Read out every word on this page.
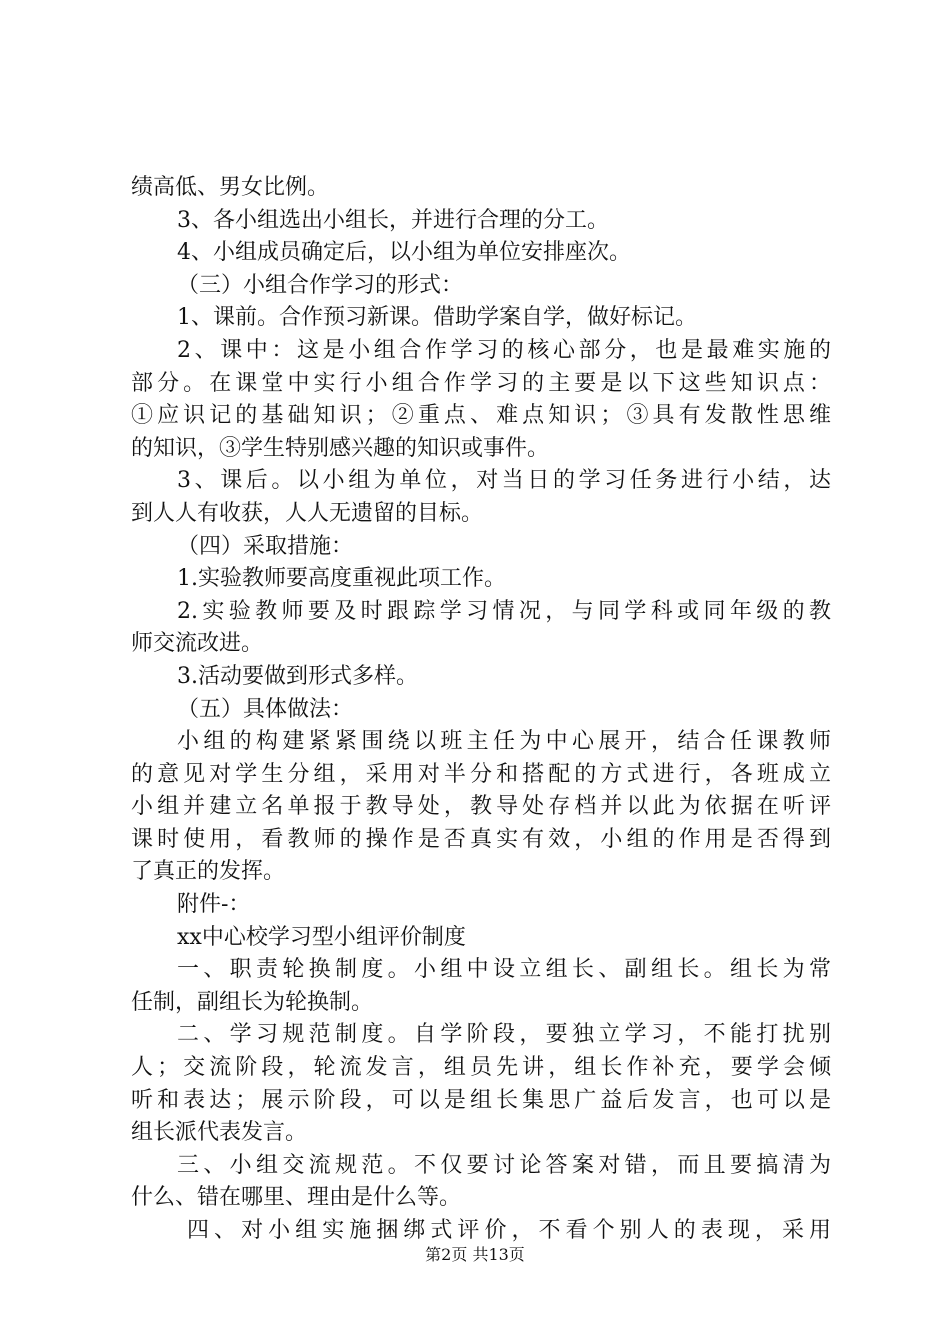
绩高低、男女比例。
3、各小组选出小组长，并进行合理的分工。
4、小组成员确定后，以小组为单位安排座次。
（三）小组合作学习的形式：
1、课前。合作预习新课。借助学案自学，做好标记。
2、课中：这是小组合作学习的核心部分，也是最难实施的
部分。在课堂中实行小组合作学习的主要是以下这些知识点：
①应识记的基础知识；②重点、难点知识；③具有发散性思维
的知识，③学生特别感兴趣的知识或事件。
3、课后。以小组为单位，对当日的学习任务进行小结，达
到人人有收获，人人无遗留的目标。
（四）采取措施：
1.实验教师要高度重视此项工作。
2.实验教师要及时跟踪学习情况，与同学科或同年级的教
师交流改进。
3.活动要做到形式多样。
（五）具体做法：
小组的构建紧紧围绕以班主任为中心展开，结合任课教师
的意见对学生分组，采用对半分和搭配的方式进行，各班成立
小组并建立名单报于教导处，教导处存档并以此为依据在听评
课时使用，看教师的操作是否真实有效，小组的作用是否得到
了真正的发挥。
附件-：
xx中心校学习型小组评价制度
一、职责轮换制度。小组中设立组长、副组长。组长为常
任制，副组长为轮换制。
二、学习规范制度。自学阶段，要独立学习，不能打扰别
人；交流阶段，轮流发言，组员先讲，组长作补充，要学会倾
听和表达；展示阶段，可以是组长集思广益后发言，也可以是
组长派代表发言。
三、小组交流规范。不仅要讨论答案对错，而且要搞清为
什么、错在哪里、理由是什么等。
四、对小组实施捆绑式评价，不看个别人的表现，采用
第2页 共13页
